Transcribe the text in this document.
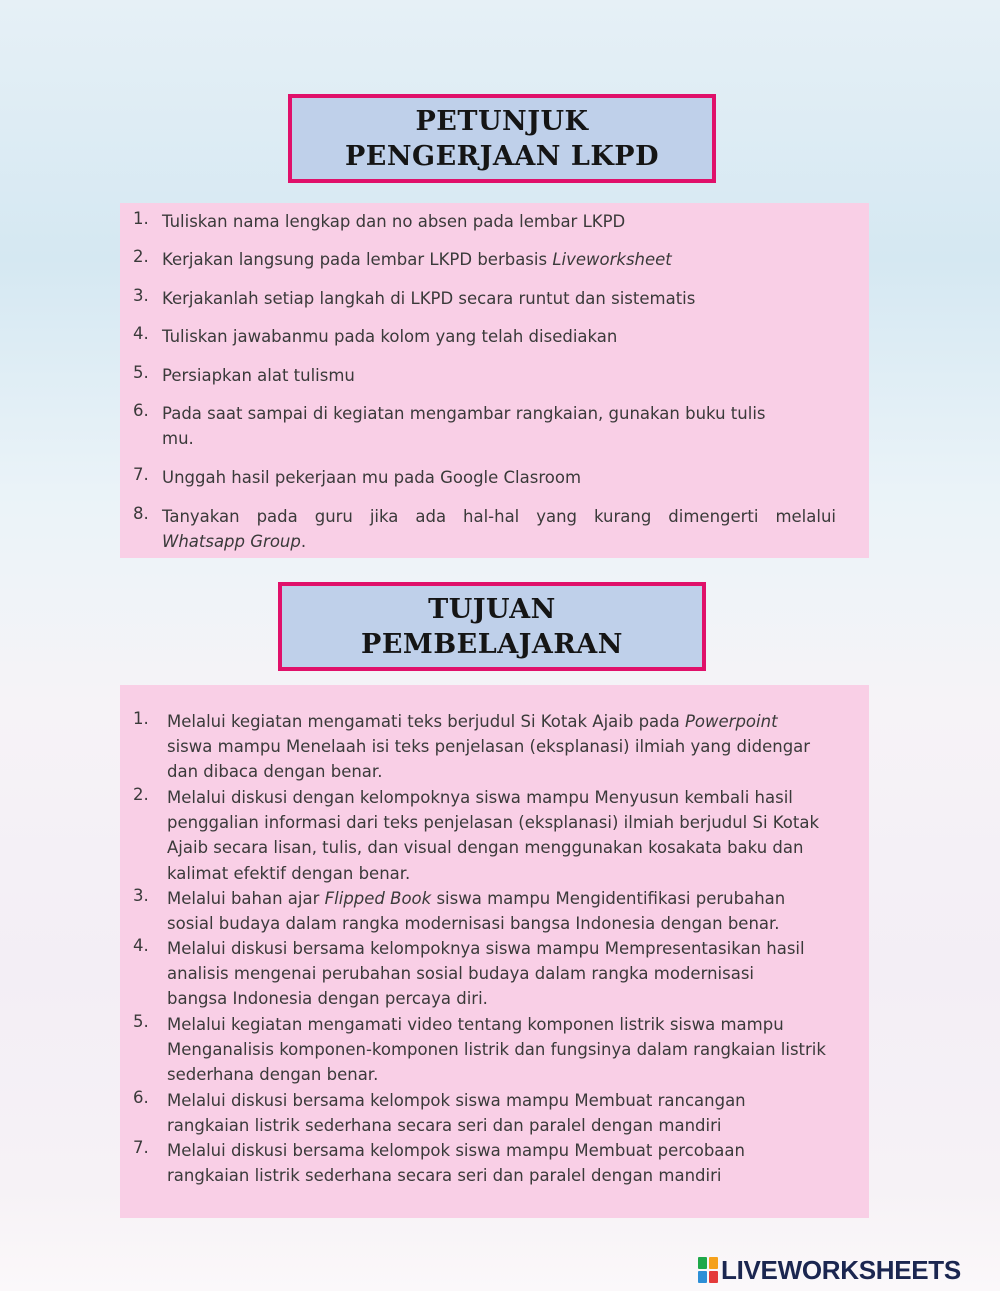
PETUNJUK
PENGERJAAN LKPD
1. Tuliskan nama lengkap dan no absen pada lembar LKPD
2. Kerjakan langsung pada lembar LKPD berbasis Liveworksheet
3. Kerjakanlah setiap langkah di LKPD secara runtut dan sistematis
4. Tuliskan jawabanmu pada kolom yang telah disediakan
5. Persiapkan alat tulismu
6. Pada saat sampai di kegiatan mengambar rangkaian, gunakan buku tulis
mu.
7. Unggah hasil pekerjaan mu pada Google Clasroom
8. Tanyakan pada guru jika ada hal-hal yang kurang dimengerti melalui
Whatsapp Group.
TUJUAN
PEMBELAJARAN
1. Melalui kegiatan mengamati teks berjudul Si Kotak Ajaib pada Powerpoint
siswa mampu Menelaah isi teks penjelasan (eksplanasi) ilmiah yang didengar
dan dibaca dengan benar.
2. Melalui diskusi dengan kelompoknya siswa mampu Menyusun kembali hasil
penggalian informasi dari teks penjelasan (eksplanasi) ilmiah berjudul Si Kotak
Ajaib secara lisan, tulis, dan visual dengan menggunakan kosakata baku dan
kalimat efektif dengan benar.
3. Melalui bahan ajar Flipped Book siswa mampu Mengidentifikasi perubahan
sosial budaya dalam rangka modernisasi bangsa Indonesia dengan benar.
4. Melalui diskusi bersama kelompoknya siswa mampu Mempresentasikan hasil
analisis mengenai perubahan sosial budaya dalam rangka modernisasi
bangsa Indonesia dengan percaya diri.
5. Melalui kegiatan mengamati video tentang komponen listrik siswa mampu
Menganalisis komponen-komponen listrik dan fungsinya dalam rangkaian listrik
sederhana dengan benar.
6. Melalui diskusi bersama kelompok siswa mampu Membuat rancangan
rangkaian listrik sederhana secara seri dan paralel dengan mandiri
7. Melalui diskusi bersama kelompok siswa mampu Membuat percobaan
rangkaian listrik sederhana secara seri dan paralel dengan mandiri
LIVEWORKSHEETS
